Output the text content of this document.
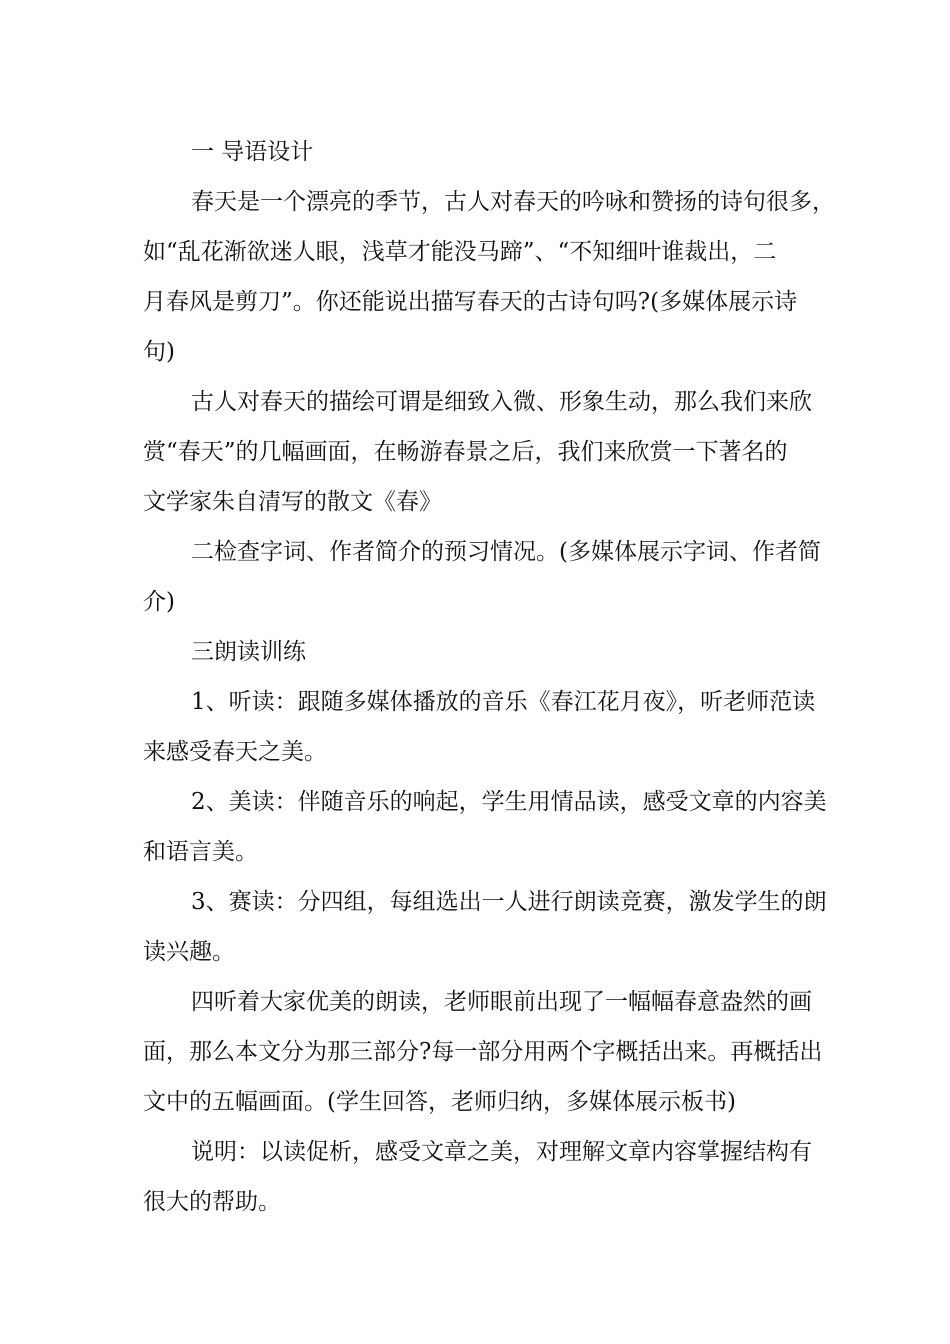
一 导语设计
春天是一个漂亮的季节，古人对春天的吟咏和赞扬的诗句很多，
如“乱花渐欲迷人眼，浅草才能没马蹄”、“不知细叶谁裁出，二
月春风是剪刀”。你还能说出描写春天的古诗句吗?(多媒体展示诗
句)
古人对春天的描绘可谓是细致入微、形象生动，那么我们来欣
赏“春天”的几幅画面，在畅游春景之后，我们来欣赏一下著名的
文学家朱自清写的散文《春》
二检查字词、作者简介的预习情况。(多媒体展示字词、作者简
介)
三朗读训练
1、听读：跟随多媒体播放的音乐《春江花月夜》，听老师范读
来感受春天之美。
2、美读：伴随音乐的响起，学生用情品读，感受文章的内容美
和语言美。
3、赛读：分四组，每组选出一人进行朗读竞赛，激发学生的朗
读兴趣。
四听着大家优美的朗读，老师眼前出现了一幅幅春意盎然的画
面，那么本文分为那三部分?每一部分用两个字概括出来。再概括出
文中的五幅画面。(学生回答，老师归纳，多媒体展示板书)
说明：以读促析，感受文章之美，对理解文章内容掌握结构有
很大的帮助。
